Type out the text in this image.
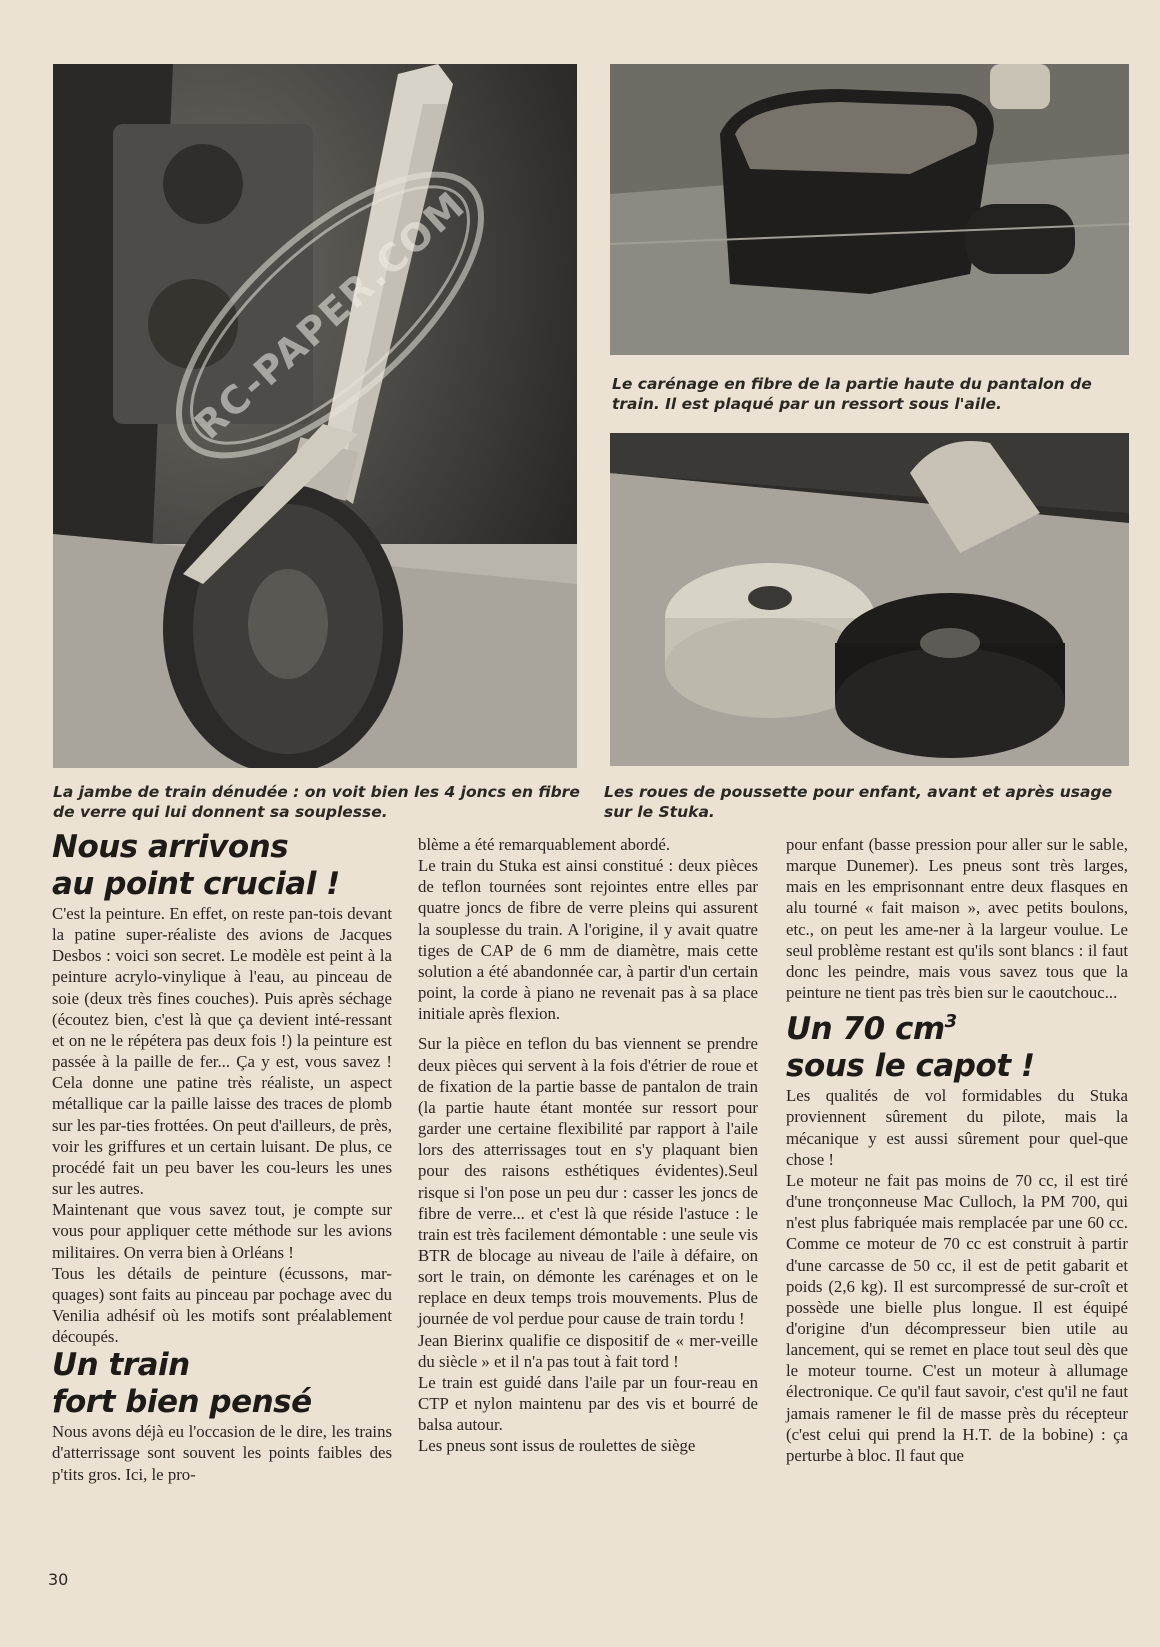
RC-PAPER.COM	Le carénage en fibre de la partie haute du pantalon de train. Il est plaqué par un ressort sous l'aile.
La jambe de train dénudée : on voit bien les 4 joncs en fibre de verre qui lui donnent sa souplesse.
Les roues de poussette pour enfant, avant et après usage sur le Stuka.
Nous arrivons
au point crucial !

C'est la peinture. En effet, on reste pan-tois devant la patine super-réaliste des avions de Jacques Desbos : voici son secret. Le modèle est peint à la peinture acrylo-vinylique à l'eau, au pinceau de soie (deux très fines couches). Puis après séchage (écoutez bien, c'est là que ça devient inté-ressant et on ne le répétera pas deux fois !) la peinture est passée à la paille de fer... Ça y est, vous savez ! Cela donne une patine très réaliste, un aspect métallique car la paille laisse des traces de plomb sur les par-ties frottées. On peut d'ailleurs, de près, voir les griffures et un certain luisant. De plus, ce procédé fait un peu baver les cou-leurs les unes sur les autres.

Maintenant que vous savez tout, je compte sur vous pour appliquer cette méthode sur les avions militaires. On verra bien à Orléans !

Tous les détails de peinture (écussons, mar-quages) sont faits au pinceau par pochage avec du Venilia adhésif où les motifs sont préalablement découpés.

Un train
fort bien pensé

Nous avons déjà eu l'occasion de le dire, les trains d'atterrissage sont souvent les points faibles des p'tits gros. Ici, le pro-

blème a été remarquablement abordé.

Le train du Stuka est ainsi constitué : deux pièces de teflon tournées sont rejointes entre elles par quatre joncs de fibre de verre pleins qui assurent la souplesse du train. A l'origine, il y avait quatre tiges de CAP de 6 mm de diamètre, mais cette solution a été abandonnée car, à partir d'un certain point, la corde à piano ne revenait pas à sa place initiale après flexion.

Sur la pièce en teflon du bas viennent se prendre deux pièces qui servent à la fois d'étrier de roue et de fixation de la partie basse de pantalon de train (la partie haute étant montée sur ressort pour garder une certaine flexibilité par rapport à l'aile lors des atterrissages tout en s'y plaquant bien pour des raisons esthétiques évidentes).Seul risque si l'on pose un peu dur : casser les joncs de fibre de verre... et c'est là que réside l'astuce : le train est très facilement démontable : une seule vis BTR de blocage au niveau de l'aile à défaire, on sort le train, on démonte les carénages et on le replace en deux temps trois mouvements. Plus de journée de vol perdue pour cause de train tordu !

Jean Bierinx qualifie ce dispositif de « mer-veille du siècle » et il n'a pas tout à fait tord !

Le train est guidé dans l'aile par un four-reau en CTP et nylon maintenu par des vis et bourré de balsa autour.

Les pneus sont issus de roulettes de siège

pour enfant (basse pression pour aller sur le sable, marque Dunemer). Les pneus sont très larges, mais en les emprisonnant entre deux flasques en alu tourné « fait maison », avec petits boulons, etc., on peut les ame-ner à la largeur voulue. Le seul problème restant est qu'ils sont blancs : il faut donc les peindre, mais vous savez tous que la peinture ne tient pas très bien sur le caoutchouc...

Un 70 $cm^3$
sous le capot !

Les qualités de vol formidables du Stuka proviennent sûrement du pilote, mais la mécanique y est aussi sûrement pour quel-que chose !

Le moteur ne fait pas moins de 70 cc, il est tiré d'une tronçonneuse Mac Culloch, la PM 700, qui n'est plus fabriquée mais remplacée par une 60 cc. Comme ce moteur de 70 cc est construit à partir d'une carcasse de 50 cc, il est de petit gabarit et poids (2,6 kg). Il est surcompressé de sur-croît et possède une bielle plus longue. Il est équipé d'origine d'un décompresseur bien utile au lancement, qui se remet en place tout seul dès que le moteur tourne. C'est un moteur à allumage électronique. Ce qu'il faut savoir, c'est qu'il ne faut jamais ramener le fil de masse près du récepteur (c'est celui qui prend la H.T. de la bobine) : ça perturbe à bloc. Il faut que

30
